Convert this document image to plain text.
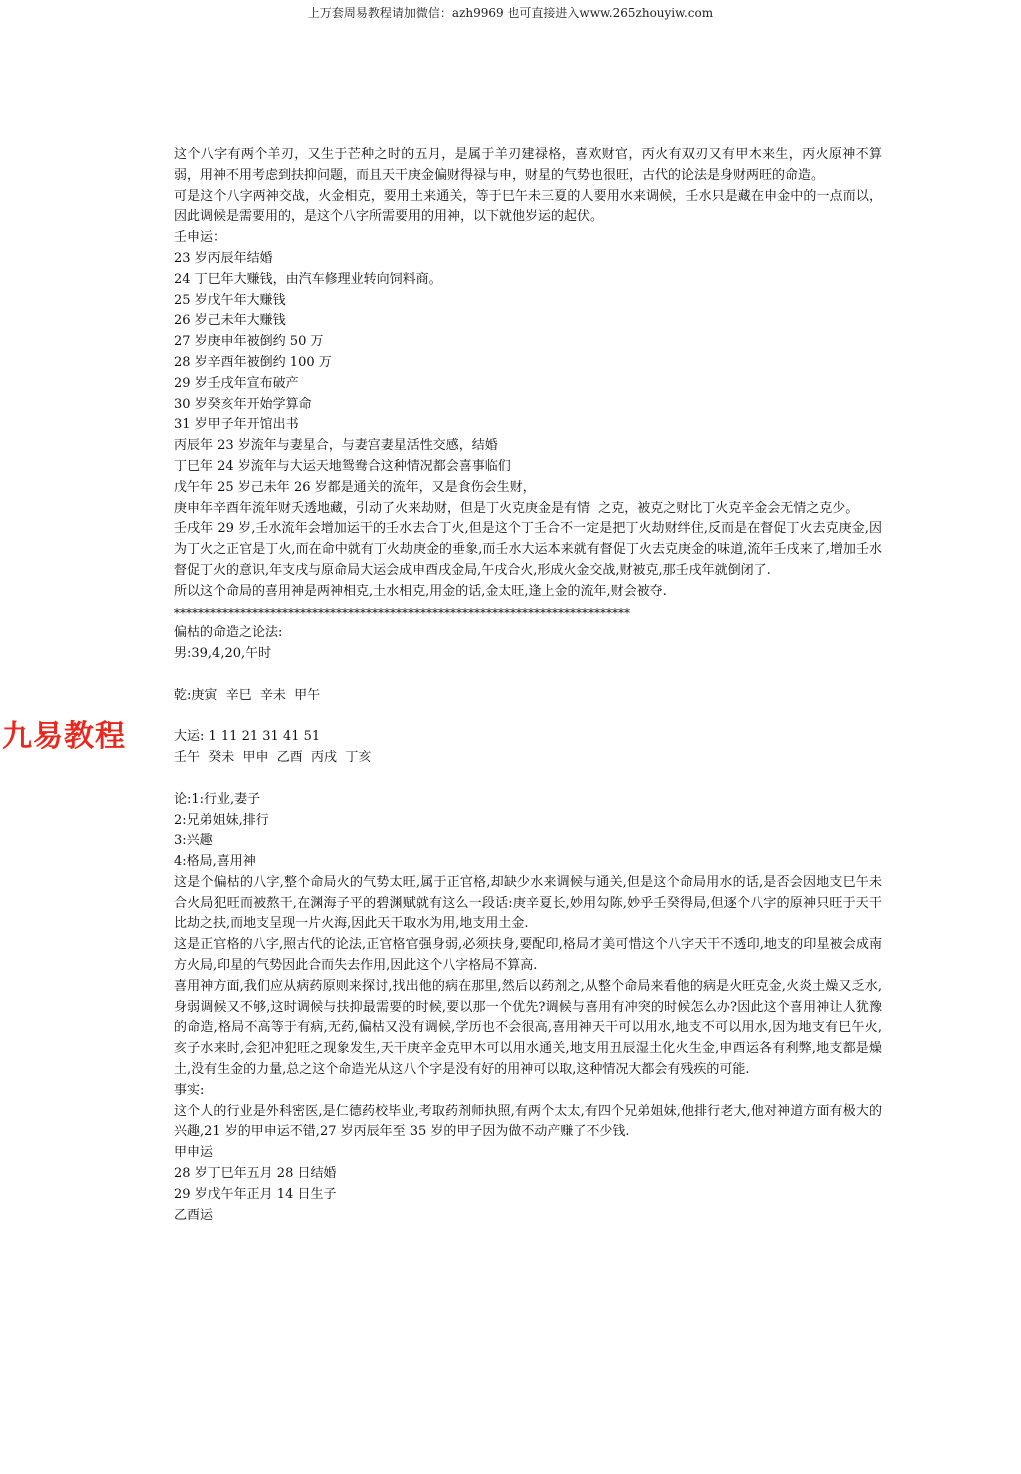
上万套周易教程请加微信：azh9969 也可直接进入www.265zhouyiw.com
九易教程
这个八字有两个羊刃，又生于芒种之时的五月，是属于羊刃建禄格，喜欢财官，丙火有双刃又有甲木来生，丙火原神不算弱，用神不用考虑到扶抑问题，而且天干庚金偏财得禄与申，财星的气势也很旺，古代的论法是身财两旺的命造。
可是这个八字两神交战，火金相克，要用土来通关，等于巳午未三夏的人要用水来调候，壬水只是藏在申金中的一点而以，因此调候是需要用的，是这个八字所需要用的用神，以下就他岁运的起伏。
壬申运：
23 岁丙辰年结婚
24 丁巳年大赚钱，由汽车修理业转向饲料商。
25 岁戊午年大赚钱
26 岁己未年大赚钱
27 岁庚申年被倒约 50 万
28 岁辛酉年被倒约 100 万
29 岁壬戌年宣布破产
30 岁癸亥年开始学算命
31 岁甲子年开馆出书
丙辰年 23 岁流年与妻星合，与妻宫妻星活性交感，结婚
丁巳年 24 岁流年与大运天地鸳鸯合这种情况都会喜事临们
戊午年 25 岁己未年 26 岁都是通关的流年，又是食伤会生财，
庚申年辛酉年流年财夭透地藏，引动了火来劫财，但是丁火克庚金是有情  之克，被克之财比丁火克辛金会无情之克少。
壬戌年 29 岁,壬水流年会增加运干的壬水去合丁火,但是这个丁壬合不一定是把丁火劫财绊住,反而是在督促丁火去克庚金,因为丁火之正官是丁火,而在命中就有丁火劫庚金的垂象,而壬水大运本来就有督促丁火去克庚金的味道,流年壬戌来了,增加壬水督促丁火的意识,年支戌与原命局大运会成申酉戌金局,午戌合火,形成火金交战,财被克,那壬戌年就倒闭了.
所以这个命局的喜用神是两神相克,土水相克,用金的话,金太旺,逢上金的流年,财会被夺.
****************************************************************************
偏枯的命造之论法:
男:39,4,20,午时
乾:庚寅  辛巳  辛未  甲午
大运: 1 11 21 31 41 51
壬午  癸未  甲申  乙酉  丙戌  丁亥
论:1:行业,妻子
2:兄弟姐妹,排行
3:兴趣
4:格局,喜用神
这是个偏枯的八字,整个命局火的气势太旺,属于正官格,却缺少水来调候与通关,但是这个命局用水的话,是否会因地支巳午未合火局犯旺而被熬干,在渊海子平的碧渊赋就有这么一段话:庚辛夏长,妙用勾陈,妙乎壬癸得局,但逐个八字的原神只旺于天干比劫之扶,而地支呈现一片火海,因此天干取水为用,地支用土金.
这是正官格的八字,照古代的论法,正官格官强身弱,必须扶身,要配印,格局才美可惜这个八字天干不透印,地支的印星被会成南方火局,印星的气势因此合而失去作用,因此这个八字格局不算高.
喜用神方面,我们应从病药原则来探讨,找出他的病在那里,然后以药剂之,从整个命局来看他的病是火旺克金,火炎土燥又乏水,身弱调候又不够,这时调候与扶抑最需要的时候,要以那一个优先?调候与喜用有冲突的时候怎么办?因此这个喜用神让人犹豫的命造,格局不高等于有病,无药,偏枯又没有调候,学历也不会很高,喜用神天干可以用水,地支不可以用水,因为地支有巳午火,亥子水来时,会犯冲犯旺之现象发生,天干庚辛金克甲木可以用水通关,地支用丑辰湿土化火生金,申酉运各有利弊,地支都是燥土,没有生金的力量,总之这个命造光从这八个字是没有好的用神可以取,这种情况大都会有残疾的可能.
事实:
这个人的行业是外科密医,是仁德药校毕业,考取药剂师执照,有两个太太,有四个兄弟姐妹,他排行老大,他对神道方面有极大的兴趣,21 岁的甲申运不错,27 岁丙辰年至 35 岁的甲子因为做不动产赚了不少钱.
甲申运
28 岁丁巳年五月 28 日结婚
29 岁戊午年正月 14 日生子
乙酉运
